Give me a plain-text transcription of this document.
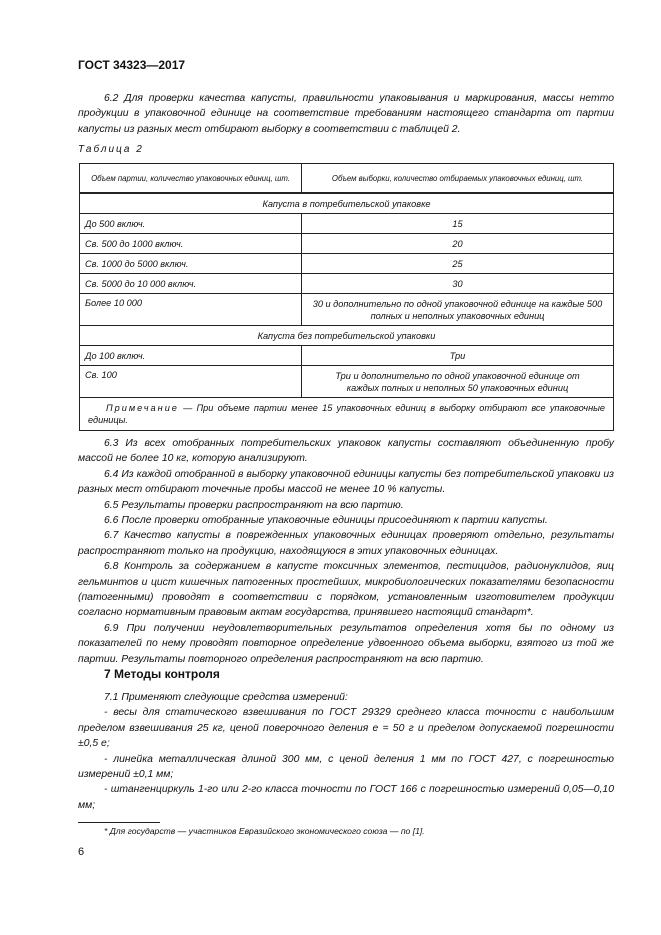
ГОСТ 34323—2017

6.2 Для проверки качества капусты, правильности упаковывания и маркирования, массы нетто продукции в упаковочной единице на соответствие требованиям настоящего стандарта от партии капусты из разных мест отбирают выборку в соответствии с таблицей 2.

Таблица 2
Объем партии, количество упаковочных единиц, шт.	Объем выборки, количество отбираемых упаковочных единиц, шт.
Капуста в потребительской упаковке	
До 500 включ.	15
Св. 500 до 1000 включ.	20
Св. 1000 до 5000 включ.	25
Св. 5000 до 10 000 включ.	30
Более 10 000	30 и дополнительно по одной упаковочной единице на каждые 500 полных и неполных упаковочных единиц
Капуста без потребительской упаковки	
До 100 включ.	Три
Св. 100	Три и дополнительно по одной упаковочной единице от каждых полных и неполных 50 упаковочных единиц
Примечание — При объеме партии менее 15 упаковочных единиц в выборку отбирают все упаковочные единицы.	

6.3 Из всех отобранных потребительских упаковок капусты составляют объединенную пробу массой не более 10 кг, которую анализируют.

6.4 Из каждой отобранной в выборку упаковочной единицы капусты без потребительской упаковки из разных мест отбирают точечные пробы массой не менее 10 % капусты.

6.5 Результаты проверки распространяют на всю партию.

6.6 После проверки отобранные упаковочные единицы присоединяют к партии капусты.

6.7 Качество капусты в поврежденных упаковочных единицах проверяют отдельно, результаты распространяют только на продукцию, находящуюся в этих упаковочных единицах.

6.8 Контроль за содержанием в капусте токсичных элементов, пестицидов, радионуклидов, яиц гельминтов и цист кишечных патогенных простейших, микробиологических показателями безопасности (патогенными) проводят в соответствии с порядком, установленным изготовителем продукции согласно нормативным правовым актам государства, принявшего настоящий стандарт*.

6.9 При получении неудовлетворительных результатов определения хотя бы по одному из показателей по нему проводят повторное определение удвоенного объема выборки, взятого из той же партии. Результаты повторного определения распространяют на всю партию.

7 Методы контроля

7.1 Применяют следующие средства измерений:

- весы для статического взвешивания по ГОСТ 29329 среднего класса точности с наибольшим пределом взвешивания 25 кг, ценой поверочного деления e = 50 г и пределом допускаемой погрешности ±0,5 e;

- линейка металлическая длиной 300 мм, с ценой деления 1 мм по ГОСТ 427, с погрешностью измерений ±0,1 мм;

- штангенциркуль 1-го или 2-го класса точности по ГОСТ 166 с погрешностью измерений 0,05—0,10 мм;

* Для государств — участников Евразийского экономического союза — по [1].
6
